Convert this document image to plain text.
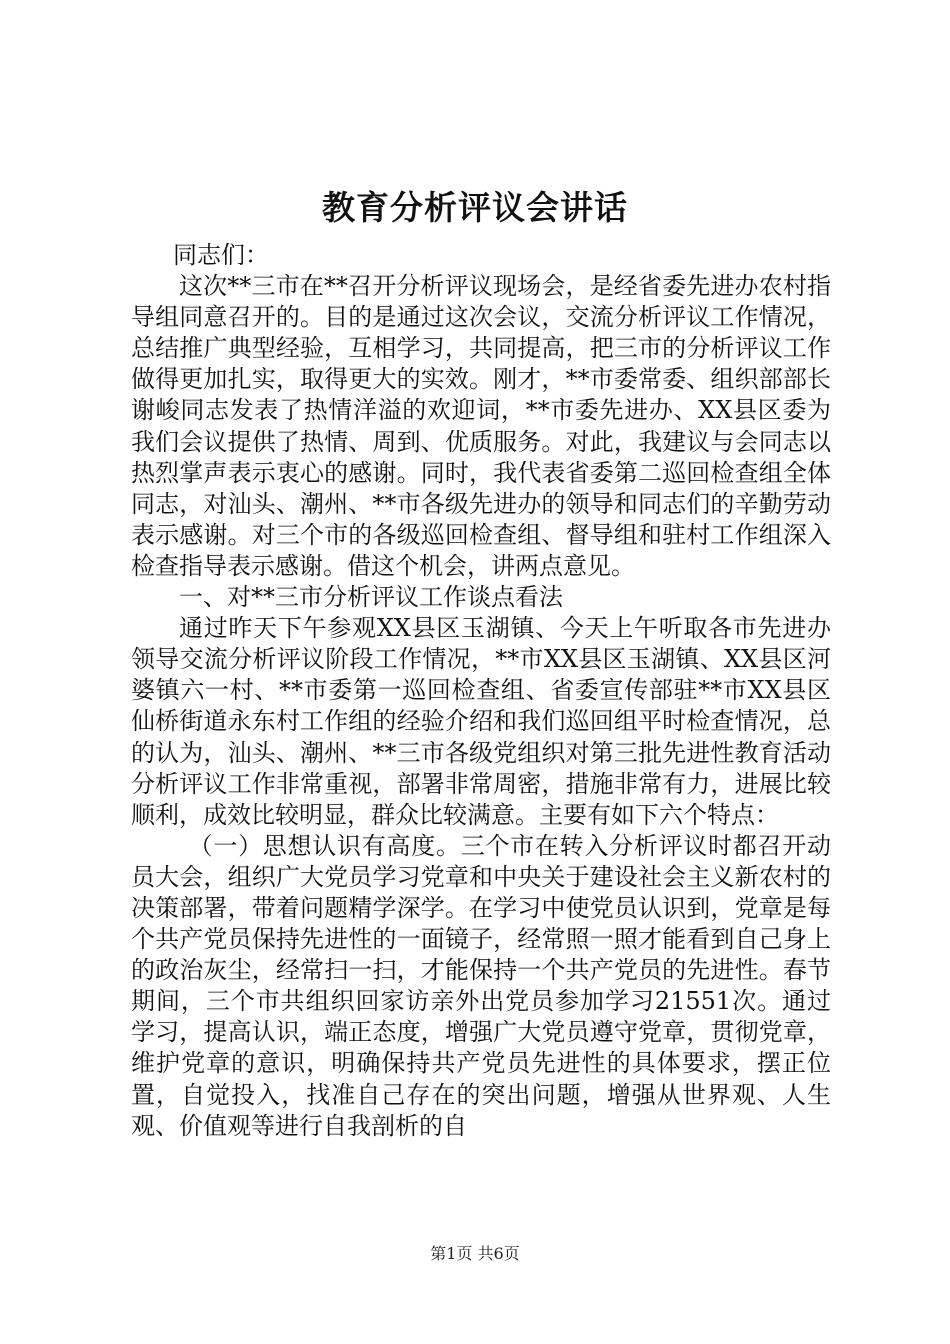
教育分析评议会讲话

同志们：

这次**三市在**召开分析评议现场会，是经省委先进办农村指导组同意召开的。目的是通过这次会议，交流分析评议工作情况，总结推广典型经验，互相学习，共同提高，把三市的分析评议工作做得更加扎实，取得更大的实效。刚才，**市委常委、组织部部长谢峻同志发表了热情洋溢的欢迎词，**市委先进办、XX县区委为我们会议提供了热情、周到、优质服务。对此，我建议与会同志以热烈掌声表示衷心的感谢。同时，我代表省委第二巡回检查组全体同志，对汕头、潮州、**市各级先进办的领导和同志们的辛勤劳动表示感谢。对三个市的各级巡回检查组、督导组和驻村工作组深入检查指导表示感谢。借这个机会，讲两点意见。

一、对**三市分析评议工作谈点看法

通过昨天下午参观XX县区玉湖镇、今天上午听取各市先进办领导交流分析评议阶段工作情况，**市XX县区玉湖镇、XX县区河婆镇六一村、**市委第一巡回检查组、省委宣传部驻**市XX县区仙桥街道永东村工作组的经验介绍和我们巡回组平时检查情况，总的认为，汕头、潮州、**三市各级党组织对第三批先进性教育活动分析评议工作非常重视，部署非常周密，措施非常有力，进展比较顺利，成效比较明显，群众比较满意。主要有如下六个特点：

（一）思想认识有高度。三个市在转入分析评议时都召开动员大会，组织广大党员学习党章和中央关于建设社会主义新农村的决策部署，带着问题精学深学。在学习中使党员认识到，党章是每个共产党员保持先进性的一面镜子，经常照一照才能看到自己身上的政治灰尘，经常扫一扫，才能保持一个共产党员的先进性。春节期间，三个市共组织回家访亲外出党员参加学习21551次。通过学习，提高认识，端正态度，增强广大党员遵守党章，贯彻党章，维护党章的意识，明确保持共产党员先进性的具体要求，摆正位置，自觉投入，找准自己存在的突出问题，增强从世界观、人生观、价值观等进行自我剖析的自

第1页 共6页
